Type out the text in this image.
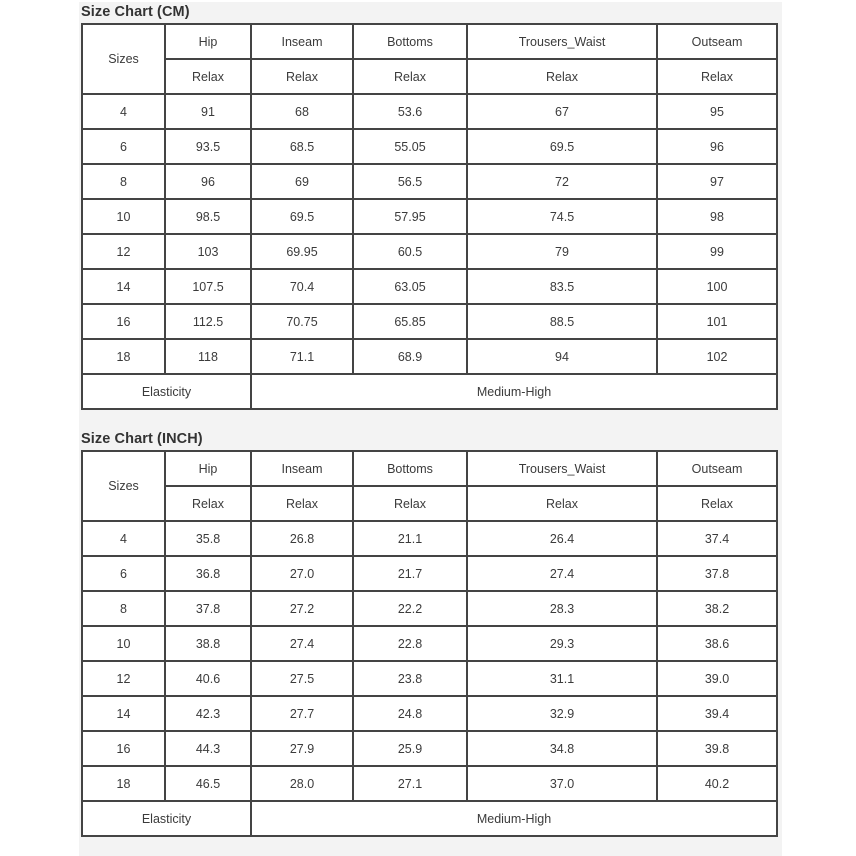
Size Chart (CM)
Sizes	Hip	Inseam	Bottoms	Trousers_Waist	Outseam
	Relax	Relax	Relax	Relax	Relax
4	91	68	53.6	67	95
6	93.5	68.5	55.05	69.5	96
8	96	69	56.5	72	97
10	98.5	69.5	57.95	74.5	98
12	103	69.95	60.5	79	99
14	107.5	70.4	63.05	83.5	100
16	112.5	70.75	65.85	88.5	101
18	118	71.1	68.9	94	102
Elasticity		Medium-High			
Size Chart (INCH)
Sizes	Hip	Inseam	Bottoms	Trousers_Waist	Outseam
	Relax	Relax	Relax	Relax	Relax
4	35.8	26.8	21.1	26.4	37.4
6	36.8	27.0	21.7	27.4	37.8
8	37.8	27.2	22.2	28.3	38.2
10	38.8	27.4	22.8	29.3	38.6
12	40.6	27.5	23.8	31.1	39.0
14	42.3	27.7	24.8	32.9	39.4
16	44.3	27.9	25.9	34.8	39.8
18	46.5	28.0	27.1	37.0	40.2
Elasticity		Medium-High			
